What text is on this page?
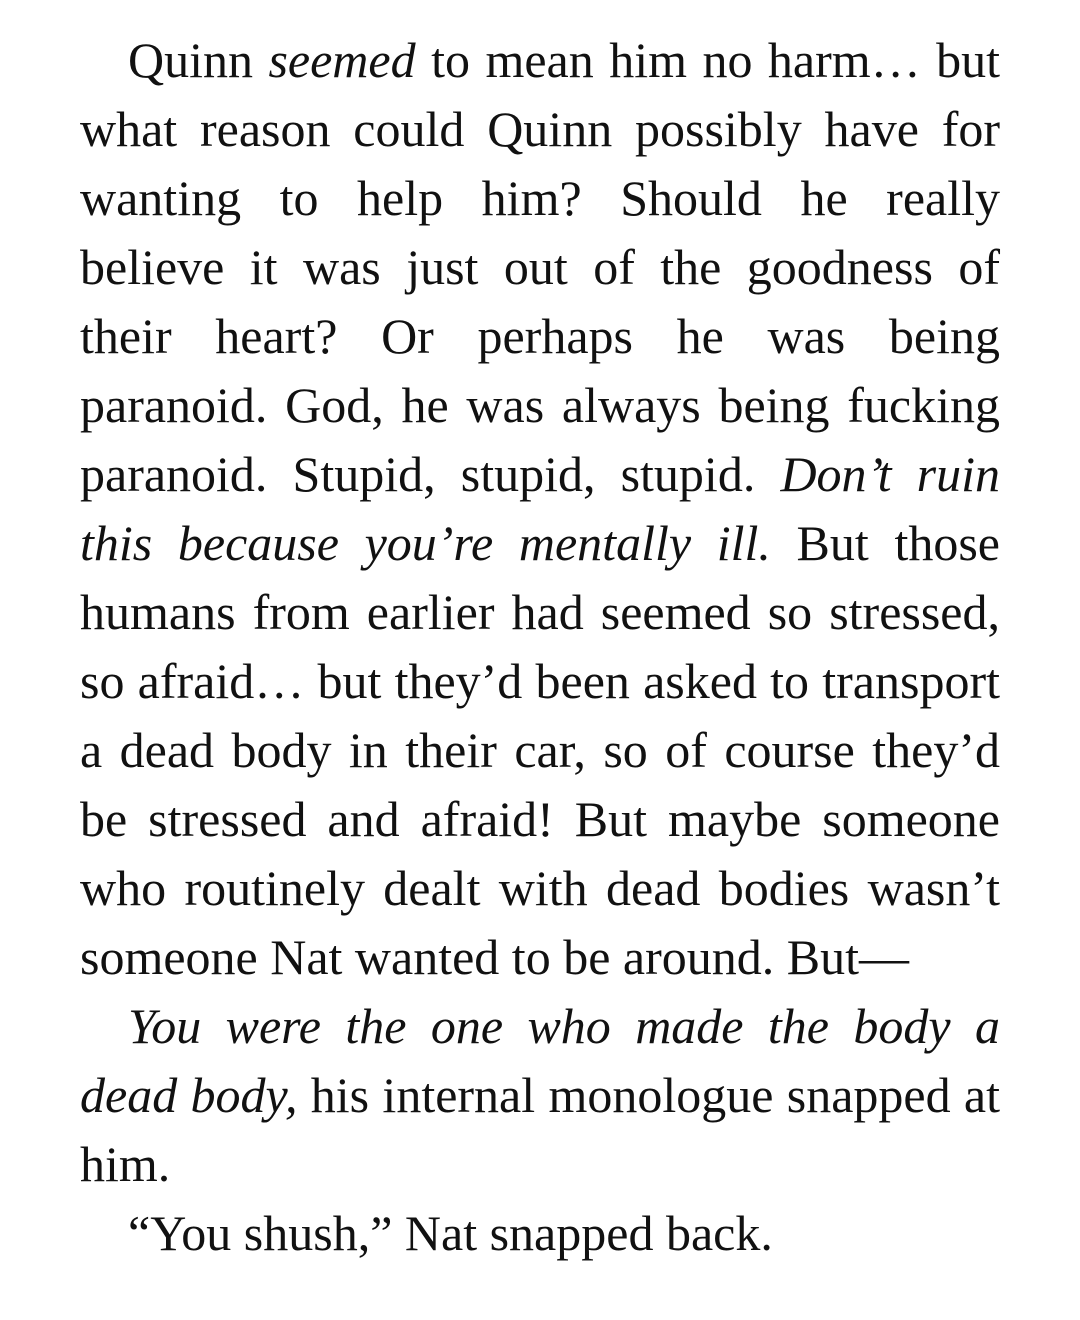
Quinn seemed to mean him no harm… but what reason could Quinn possibly have for wanting to help him? Should he really believe it was just out of the goodness of their heart? Or perhaps he was being paranoid. God, he was always being fucking paranoid. Stupid, stupid, stupid. Don’t ruin this because you’re mentally ill. But those humans from earlier had seemed so stressed, so afraid… but they’d been asked to transport a dead body in their car, so of course they’d be stressed and afraid! But maybe someone who routinely dealt with dead bodies wasn’t someone Nat wanted to be around. But—

You were the one who made the body a dead body, his internal monologue snapped at him.

“You shush,” Nat snapped back.
